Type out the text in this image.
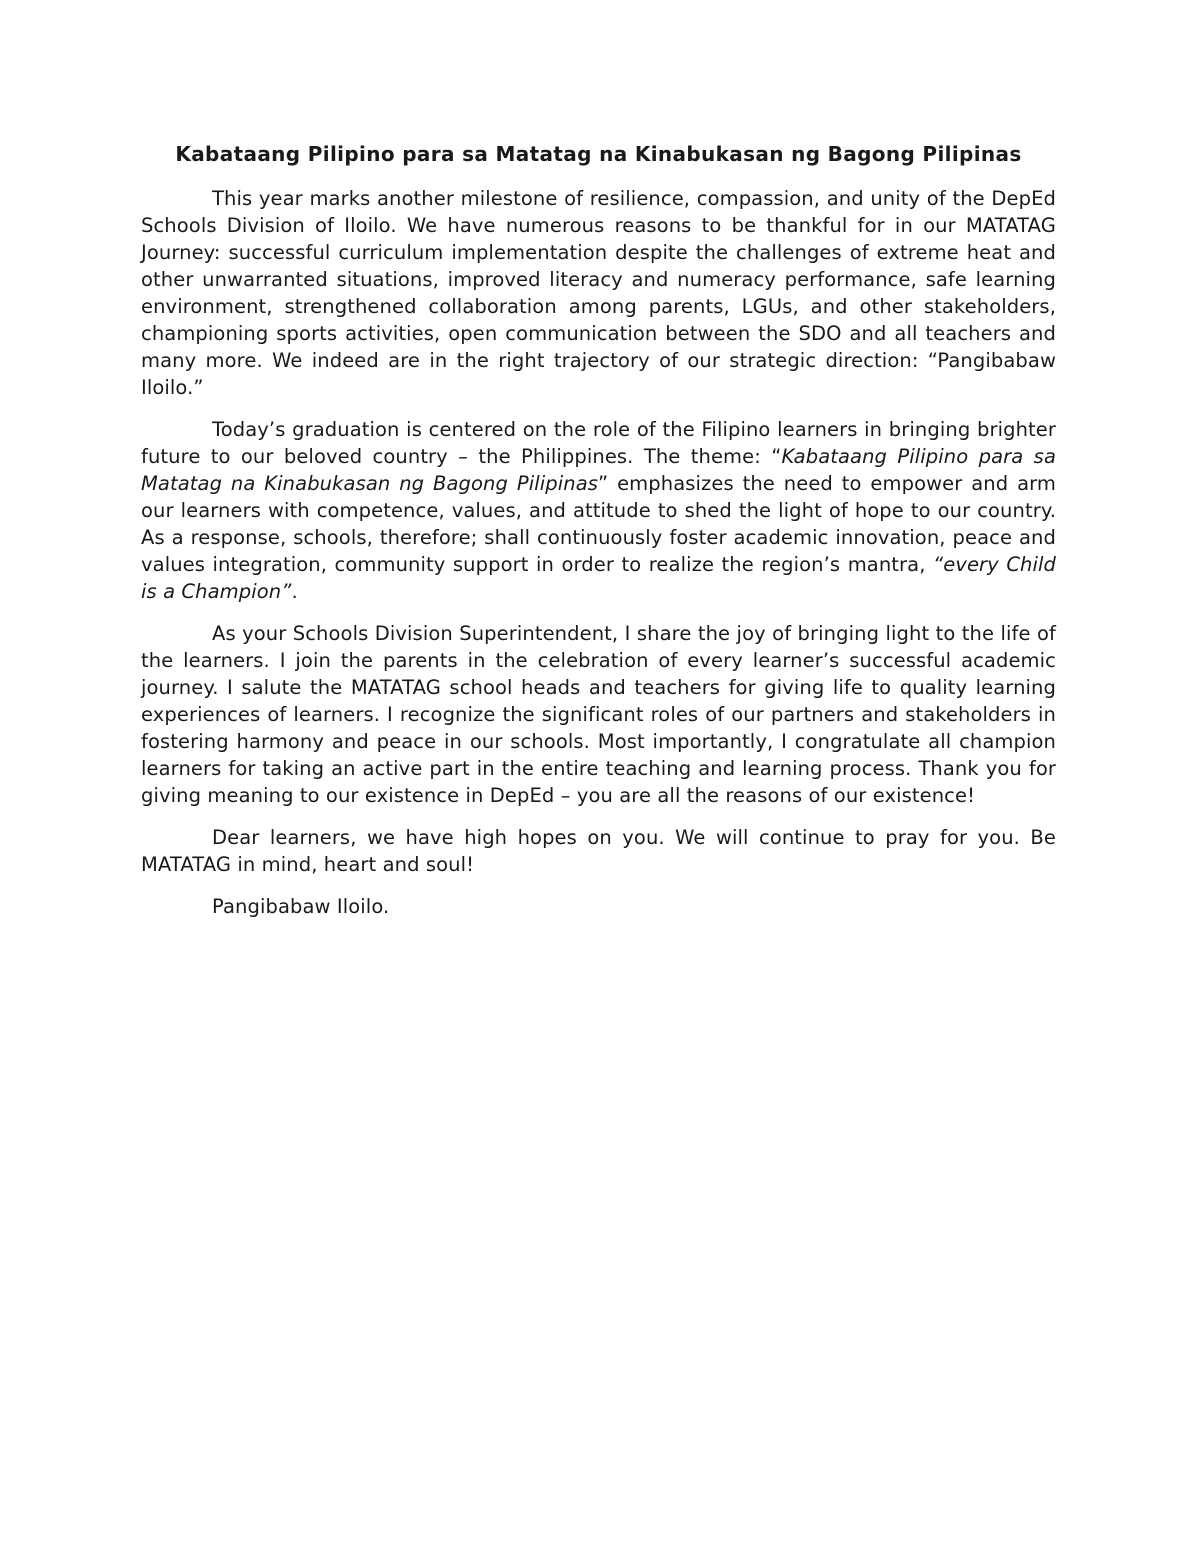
Kabataang Pilipino para sa Matatag na Kinabukasan ng Bagong Pilipinas

This year marks another milestone of resilience, compassion, and unity of the DepEd Schools Division of Iloilo. We have numerous reasons to be thankful for in our MATATAG Journey: successful curriculum implementation despite the challenges of extreme heat and other unwarranted situations, improved literacy and numeracy performance, safe learning environment, strengthened collaboration among parents, LGUs, and other stakeholders, championing sports activities, open communication between the SDO and all teachers and many more. We indeed are in the right trajectory of our strategic direction: “Pangibabaw Iloilo.”

Today’s graduation is centered on the role of the Filipino learners in bringing brighter future to our beloved country – the Philippines. The theme: “Kabataang Pilipino para sa Matatag na Kinabukasan ng Bagong Pilipinas” emphasizes the need to empower and arm our learners with competence, values, and attitude to shed the light of hope to our country. As a response, schools, therefore; shall continuously foster academic innovation, peace and values integration, community support in order to realize the region’s mantra, “every Child is a Champion”.

As your Schools Division Superintendent, I share the joy of bringing light to the life of the learners. I join the parents in the celebration of every learner’s successful academic journey. I salute the MATATAG school heads and teachers for giving life to quality learning experiences of learners. I recognize the significant roles of our partners and stakeholders in fostering harmony and peace in our schools. Most importantly, I congratulate all champion learners for taking an active part in the entire teaching and learning process. Thank you for giving meaning to our existence in DepEd – you are all the reasons of our existence!

Dear learners, we have high hopes on you. We will continue to pray for you. Be MATATAG in mind, heart and soul!

Pangibabaw Iloilo.
